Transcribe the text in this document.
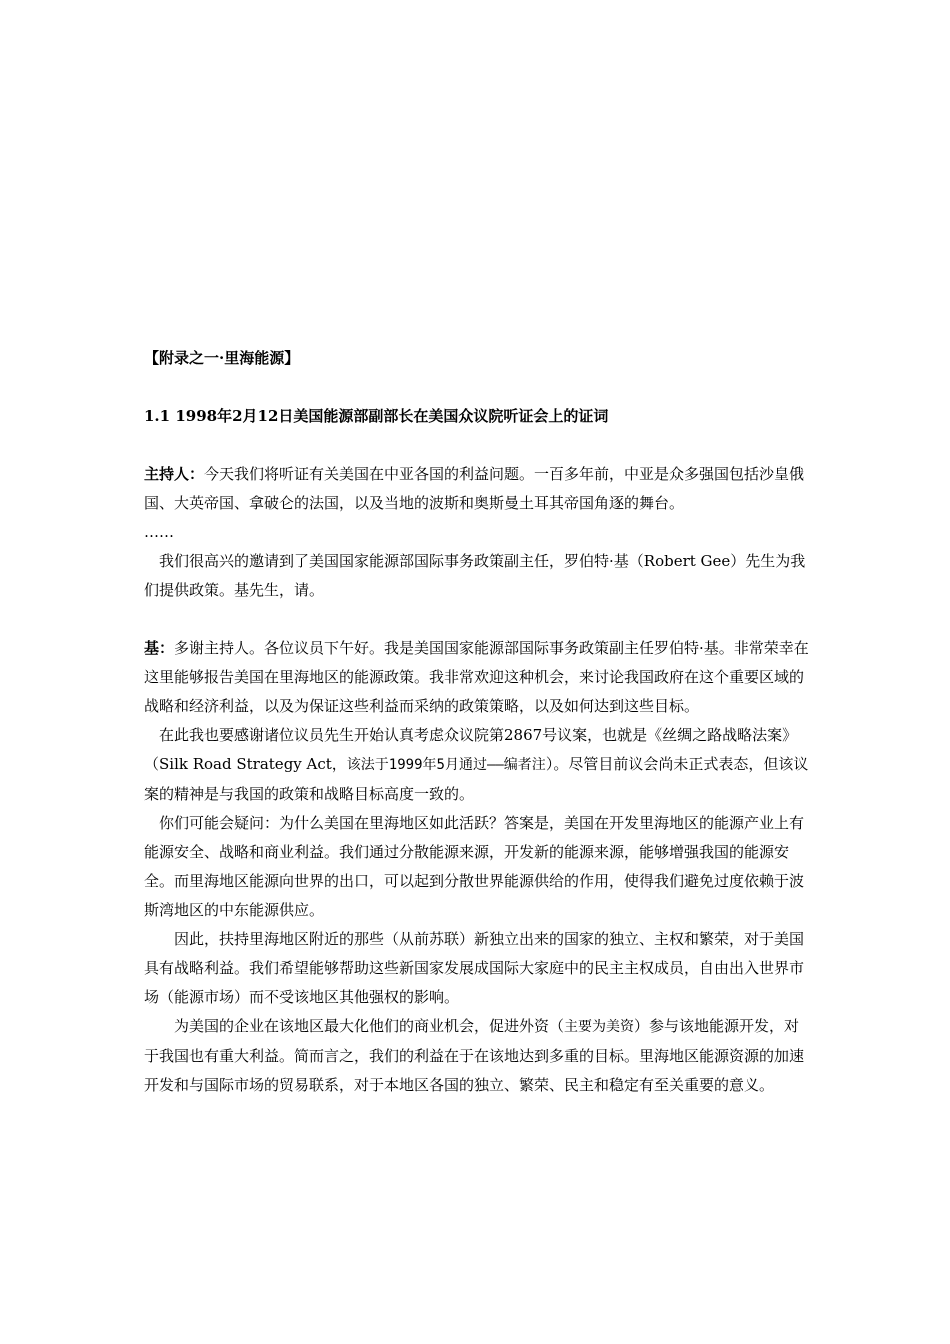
【附录之一·里海能源】

1.1 1998年2月12日美国能源部副部长在美国众议院听证会上的证词

主持人：今天我们将听证有关美国在中亚各国的利益问题。一百多年前，中亚是众多强国包括沙皇俄国、大英帝国、拿破仑的法国，以及当地的波斯和奥斯曼土耳其帝国角逐的舞台。

……

我们很高兴的邀请到了美国国家能源部国际事务政策副主任，罗伯特·基（Robert Gee）先生为我们提供政策。基先生，请。

基：多谢主持人。各位议员下午好。我是美国国家能源部国际事务政策副主任罗伯特·基。非常荣幸在这里能够报告美国在里海地区的能源政策。我非常欢迎这种机会，来讨论我国政府在这个重要区域的战略和经济利益，以及为保证这些利益而采纳的政策策略，以及如何达到这些目标。

在此我也要感谢诸位议员先生开始认真考虑众议院第2867号议案，也就是《丝绸之路战略法案》（Silk Road Strategy Act，该法于1999年5月通过——编者注）。尽管目前议会尚未正式表态，但该议案的精神是与我国的政策和战略目标高度一致的。

你们可能会疑问：为什么美国在里海地区如此活跃？答案是，美国在开发里海地区的能源产业上有能源安全、战略和商业利益。我们通过分散能源来源，开发新的能源来源，能够增强我国的能源安全。而里海地区能源向世界的出口，可以起到分散世界能源供给的作用，使得我们避免过度依赖于波斯湾地区的中东能源供应。

因此，扶持里海地区附近的那些（从前苏联）新独立出来的国家的独立、主权和繁荣，对于美国具有战略利益。我们希望能够帮助这些新国家发展成国际大家庭中的民主主权成员，自由出入世界市场（能源市场）而不受该地区其他强权的影响。

为美国的企业在该地区最大化他们的商业机会，促进外资（主要为美资）参与该地能源开发，对于我国也有重大利益。简而言之，我们的利益在于在该地达到多重的目标。里海地区能源资源的加速开发和与国际市场的贸易联系，对于本地区各国的独立、繁荣、民主和稳定有至关重要的意义。
